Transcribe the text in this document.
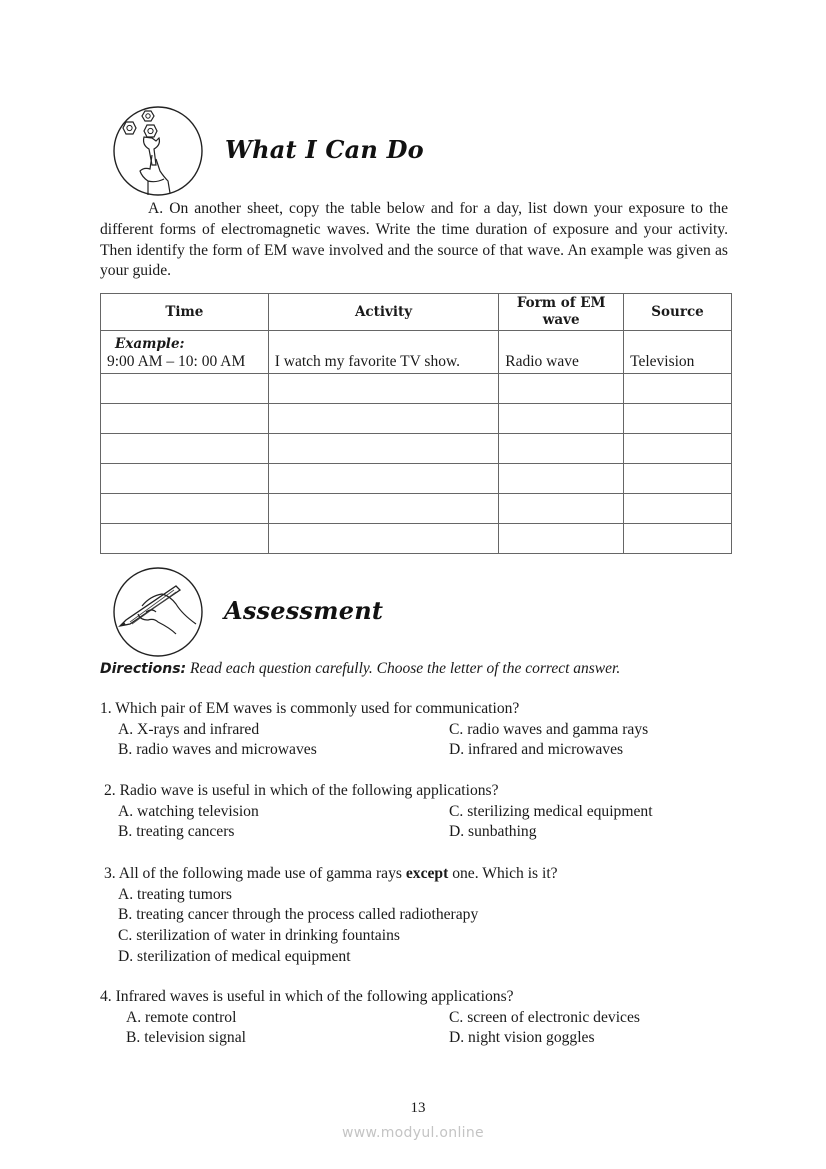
What I Can Do
A. On another sheet, copy the table below and for a day, list down your exposure to the different forms of electromagnetic waves. Write the time duration of exposure and your activity. Then identify the form of EM wave involved and the source of that wave. An example was given as your guide.
Time	Activity	Form of EM wave	Source

Example:
9:00 AM – 10: 00 AM	I watch my favorite TV show.	Radio wave	Television

Assessment
Directions: Read each question carefully. Choose the letter of the correct answer.
1. Which pair of EM waves is commonly used for communication?
A. X-rays and infrared	C. radio waves and gamma rays
B. radio waves and microwaves	D. infrared and microwaves
2. Radio wave is useful in which of the following applications?
A. watching television	C. sterilizing medical equipment
B. treating cancers	D. sunbathing
3. All of the following made use of gamma rays except one. Which is it?
A. treating tumors
B. treating cancer through the process called radiotherapy
C. sterilization of water in drinking fountains
D. sterilization of medical equipment
4. Infrared waves is useful in which of the following applications?
A. remote control	C. screen of electronic devices
B. television signal	D. night vision goggles
13
www.modyul.online
